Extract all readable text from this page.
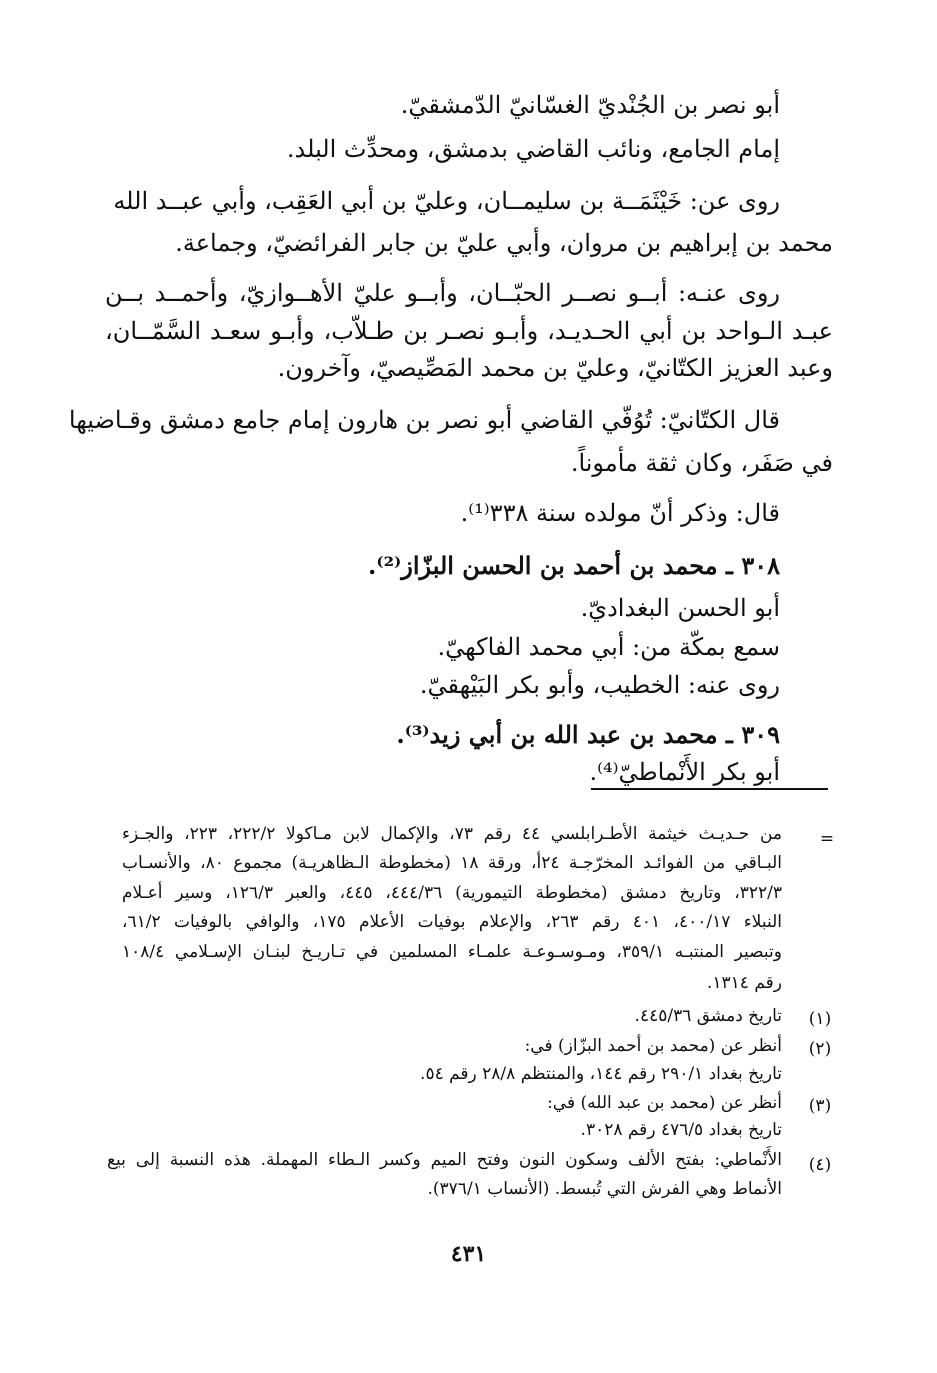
أبو نصر بن الجُنْديّ الغسّانيّ الدّمشقيّ.
إمام الجامع، ونائب القاضي بدمشق، ومحدِّث البلد.
روى عن: خَيْثَمَــة بن سليمــان، وعليّ بن أبي العَقِب، وأبي عبــد الله
محمد بن إبراهيم بن مروان، وأبي عليّ بن جابر الفرائضيّ، وجماعة.
روى عنـه: أبــو نصــر الحبّــان، وأبــو عليّ الأهــوازيّ، وأحمــد بــن
عبـد الـواحد بن أبي الحـديـد، وأبـو نصـر بن طـلاّب، وأبـو سعـد السَّمّــان،
وعبد العزيز الكتّانيّ، وعليّ بن محمد المَصِّيصيّ، وآخرون.
قال الكتّانيّ: تُوُفّي القاضي أبو نصر بن هارون إمام جامع دمشق وقـاضيها
في صَفَر، وكان ثقة مأموناً.
قال: وذكر أنّ مولده سنة ٣٣٨⁽¹⁾.
٣٠٨ ـ محمد بن أحمد بن الحسن البزّاز⁽²⁾.
أبو الحسن البغداديّ.
سمع بمكّة من: أبي محمد الفاكهيّ.
روى عنه: الخطيب، وأبو بكر البَيْهقيّ.
٣٠٩ ـ محمد بن عبد الله بن أبي زيد⁽³⁾.
أبو بكر الأَنْماطيّ⁽⁴⁾.
=
من حـديـث خيثمة الأطـرابلسي ٤٤ رقم ٧٣، والإكمال لابن مـاكولا ٢٢٢/٢، ٢٢٣، والجـزء
البـاقي من الفوائـد المخرّجـة ٢٤أ، ورقة ١٨ (مخطوطة الـظاهريـة) مجموع ٨٠، والأنسـاب
٣٢٢/٣، وتاريخ دمشق (مخطوطة التيمورية) ٤٤٤/٣٦، ٤٤٥، والعبر ١٢٦/٣، وسير أعـلام
النبلاء ٤٠٠/١٧، ٤٠١ رقم ٢٦٣، والإعلام بوفيات الأعلام ١٧٥، والوافي بالوفيات ٦١/٢،
وتبصير المنتبـه ٣٥٩/١، ومـوسـوعـة علمـاء المسلمين في تـاريـخ لبنـان الإسـلامي ١٠٨/٤
رقم ١٣١٤.
(١)
تاريخ دمشق ٤٤٥/٣٦.
(٢)
أنظر عن (محمد بن أحمد البزّاز) في:
تاريخ بغداد ٢٩٠/١ رقم ١٤٤، والمنتظم ٢٨/٨ رقم ٥٤.
(٣)
أنظر عن (محمد بن عبد الله) في:
تاريخ بغداد ٤٧٦/٥ رقم ٣٠٢٨.
(٤)
الأَنْماطي: بفتح الألف وسكون النون وفتح الميم وكسر الـطاء المهملة. هذه النسبة إلى بيع
الأنماط وهي الفرش التي تُبسط. (الأنساب ٣٧٦/١).
٤٣١
